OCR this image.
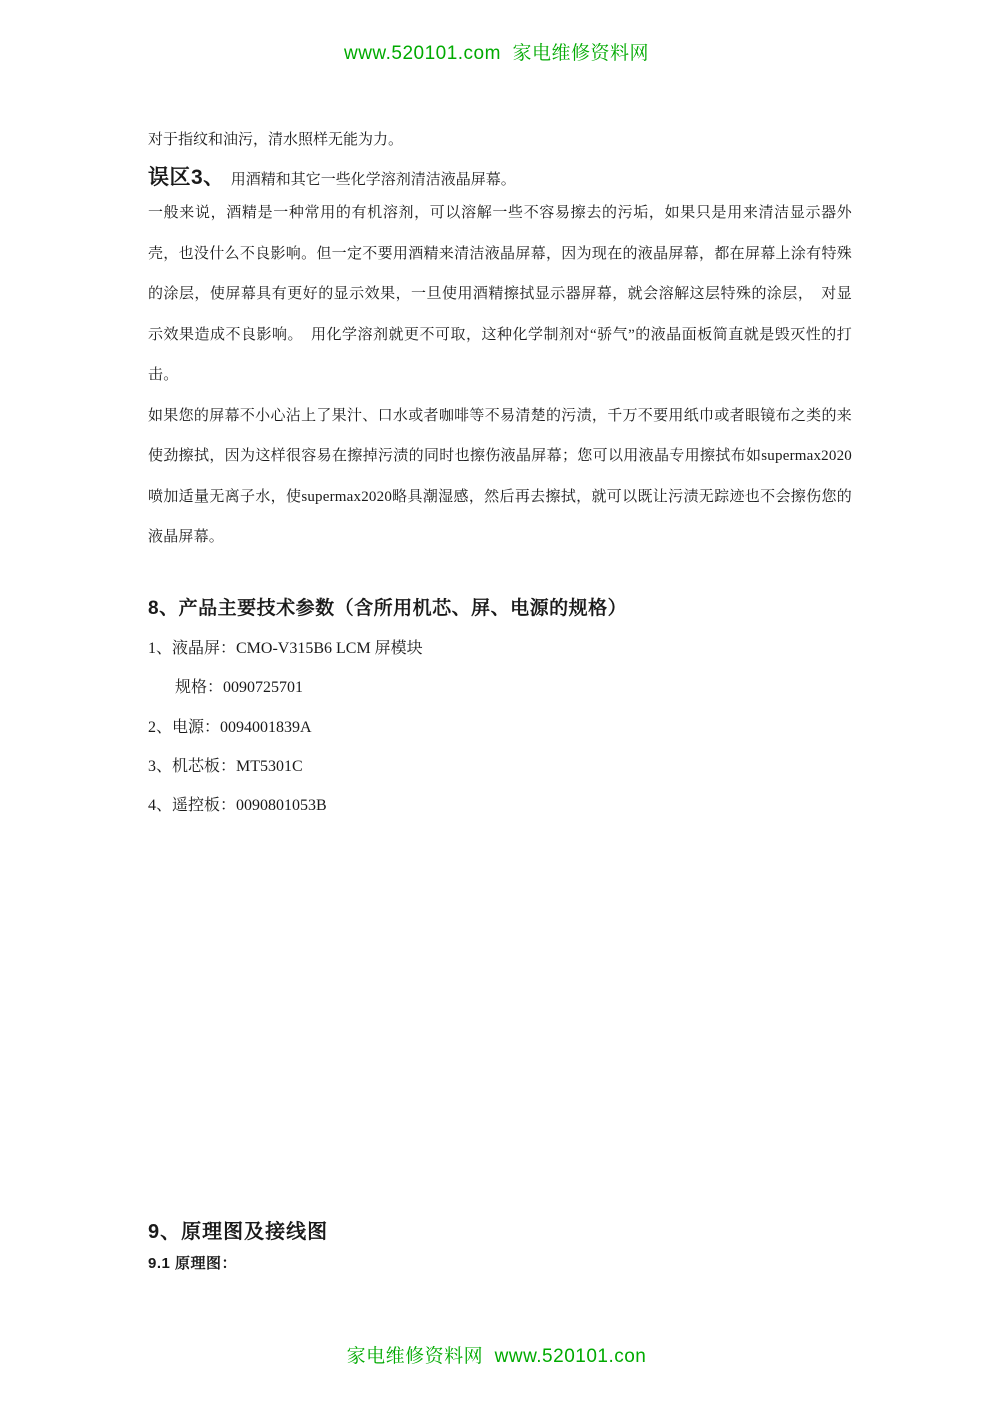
www.520101.com  家电维修资料网

对于指纹和油污，清水照样无能为力。

误区3、 用酒精和其它一些化学溶剂清洁液晶屏幕。

一般来说，酒精是一种常用的有机溶剂，可以溶解一些不容易擦去的污垢，如果只是用来清洁显示器外壳，也没什么不良影响。但一定不要用酒精来清洁液晶屏幕，因为现在的液晶屏幕，都在屏幕上涂有特殊的涂层，使屏幕具有更好的显示效果，一旦使用酒精擦拭显示器屏幕，就会溶解这层特殊的涂层，　对显示效果造成不良影响。　用化学溶剂就更不可取，这种化学制剂对“骄气”的液晶面板简直就是毁灭性的打击。

如果您的屏幕不小心沾上了果汁、口水或者咖啡等不易清楚的污渍，千万不要用纸巾或者眼镜布之类的来使劲擦拭，因为这样很容易在擦掉污渍的同时也擦伤液晶屏幕；您可以用液晶专用擦拭布如supermax2020喷加适量无离子水，使supermax2020略具潮湿感，然后再去擦拭，就可以既让污渍无踪迹也不会擦伤您的液晶屏幕。

8、产品主要技术参数（含所用机芯、屏、电源的规格）
1、液晶屏：CMO-V315B6 LCM 屏模块
规格：0090725701
2、电源：0094001839A
3、机芯板：MT5301C
4、遥控板：0090801053B
9、原理图及接线图

9.1 原理图：

家电维修资料网  www.520101.con
